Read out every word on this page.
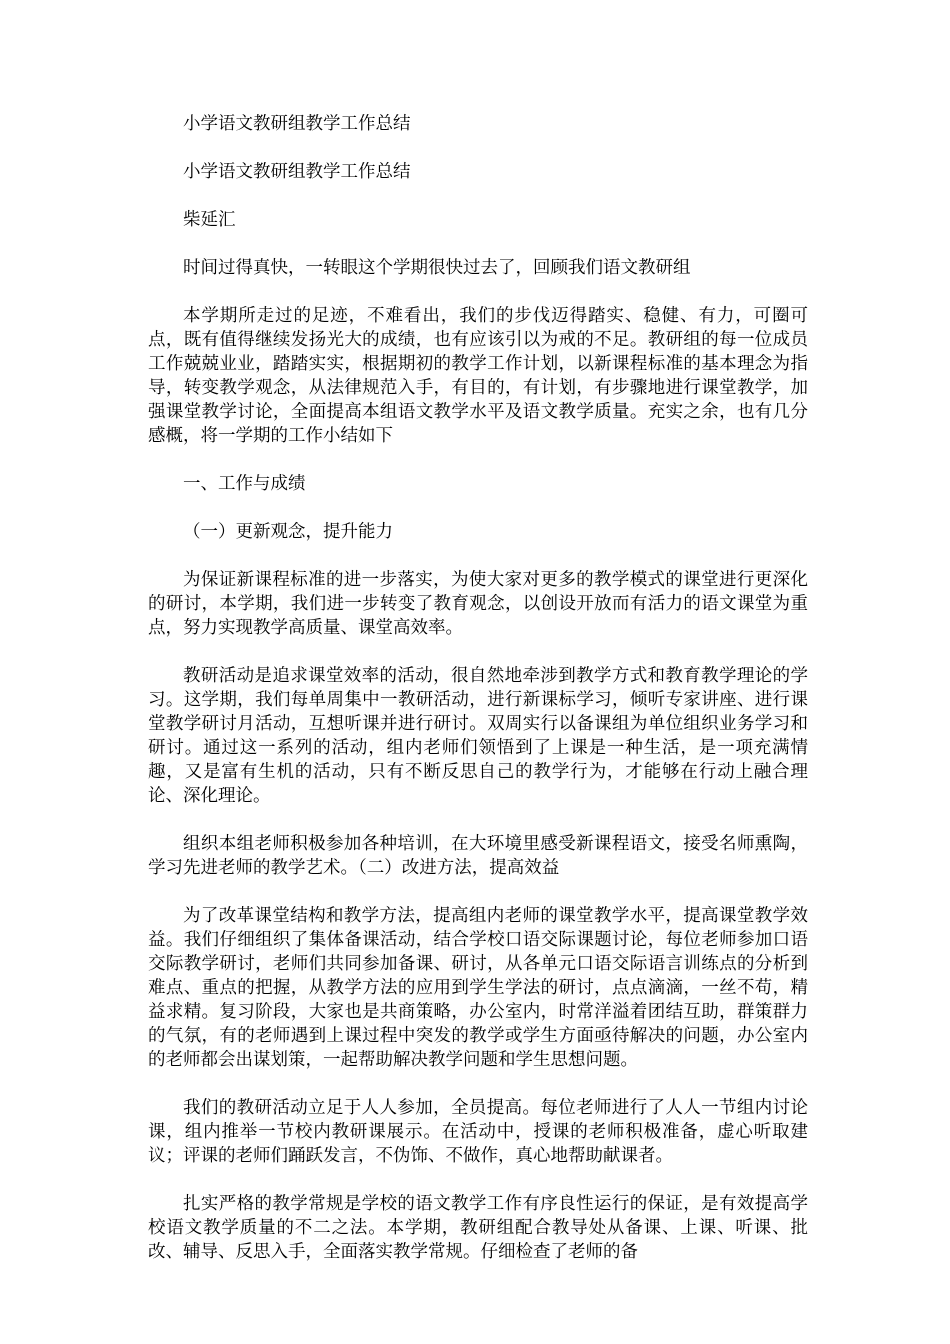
小学语文教研组教学工作总结

小学语文教研组教学工作总结

柴延汇

时间过得真快，一转眼这个学期很快过去了，回顾我们语文教研组

本学期所走过的足迹，不难看出，我们的步伐迈得踏实、稳健、有力，可圈可点，既有值得继续发扬光大的成绩，也有应该引以为戒的不足。教研组的每一位成员工作兢兢业业，踏踏实实，根据期初的教学工作计划，以新课程标准的基本理念为指导，转变教学观念，从法律规范入手，有目的，有计划，有步骤地进行课堂教学，加强课堂教学讨论，全面提高本组语文教学水平及语文教学质量。充实之余，也有几分感概，将一学期的工作小结如下

一、工作与成绩

（一）更新观念，提升能力

为保证新课程标准的进一步落实，为使大家对更多的教学模式的课堂进行更深化的研讨，本学期，我们进一步转变了教育观念，以创设开放而有活力的语文课堂为重点，努力实现教学高质量、课堂高效率。

教研活动是追求课堂效率的活动，很自然地牵涉到教学方式和教育教学理论的学习。这学期，我们每单周集中一教研活动，进行新课标学习，倾听专家讲座、进行课堂教学研讨月活动，互想听课并进行研讨。双周实行以备课组为单位组织业务学习和研讨。通过这一系列的活动，组内老师们领悟到了上课是一种生活，是一项充满情趣，又是富有生机的活动，只有不断反思自己的教学行为，才能够在行动上融合理论、深化理论。

组织本组老师积极参加各种培训，在大环境里感受新课程语文，接受名师熏陶，学习先进老师的教学艺术。（二）改进方法，提高效益

为了改革课堂结构和教学方法，提高组内老师的课堂教学水平，提高课堂教学效益。我们仔细组织了集体备课活动，结合学校口语交际课题讨论，每位老师参加口语交际教学研讨，老师们共同参加备课、研讨，从各单元口语交际语言训练点的分析到难点、重点的把握，从教学方法的应用到学生学法的研讨，点点滴滴，一丝不苟，精益求精。复习阶段，大家也是共商策略，办公室内，时常洋溢着团结互助，群策群力的气氛，有的老师遇到上课过程中突发的教学或学生方面亟待解决的问题，办公室内的老师都会出谋划策，一起帮助解决教学问题和学生思想问题。

我们的教研活动立足于人人参加，全员提高。每位老师进行了人人一节组内讨论课，组内推举一节校内教研课展示。在活动中，授课的老师积极准备，虚心听取建议；评课的老师们踊跃发言，不伪饰、不做作，真心地帮助献课者。

扎实严格的教学常规是学校的语文教学工作有序良性运行的保证，是有效提高学校语文教学质量的不二之法。本学期，教研组配合教导处从备课、上课、听课、批改、辅导、反思入手，全面落实教学常规。仔细检查了老师的备
